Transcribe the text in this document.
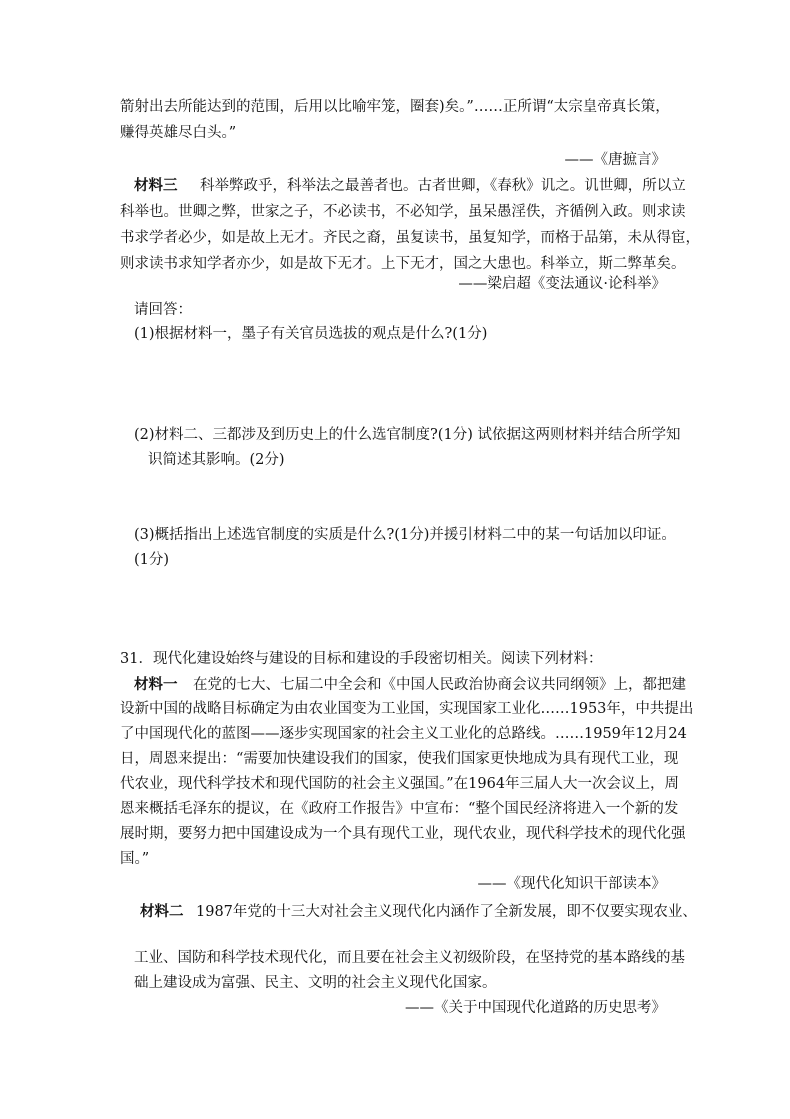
箭射出去所能达到的范围，后用以比喻牢笼，圈套)矣。”……正所谓“太宗皇帝真长策，
赚得英雄尽白头。”
——《唐摭言》
材料三 科举弊政乎，科举法之最善者也。古者世卿，《春秋》讥之。讥世卿，所以立
科举也。世卿之弊，世家之子，不必读书，不必知学，虽呆愚淫佚，齐循例入政。则求读
书求学者必少，如是故上无才。齐民之裔，虽复读书，虽复知学，而格于品第，未从得宦，
则求读书求知学者亦少，如是故下无才。上下无才，国之大患也。科举立，斯二弊革矣。
——梁启超《变法通议·论科举》
请回答：
(1)根据材料一，墨子有关官员选拔的观点是什么?(1分)
(2)材料二、三都涉及到历史上的什么选官制度?(1分) 试依据这两则材料并结合所学知
识简述其影响。(2分)
(3)概括指出上述选官制度的实质是什么?(1分)并援引材料二中的某一句话加以印证。
(1分)
31．现代化建设始终与建设的目标和建设的手段密切相关。阅读下列材料：
材料一 在党的七大、七届二中全会和《中国人民政治协商会议共同纲领》上，都把建
设新中国的战略目标确定为由农业国变为工业国，实现国家工业化……1953年，中共提出
了中国现代化的蓝图——逐步实现国家的社会主义工业化的总路线。……1959年12月24
日，周恩来提出：“需要加快建设我们的国家，使我们国家更快地成为具有现代工业，现
代农业，现代科学技术和现代国防的社会主义强国。”在1964年三届人大一次会议上，周
恩来概括毛泽东的提议，在《政府工作报告》中宣布：“整个国民经济将进入一个新的发
展时期，要努力把中国建设成为一个具有现代工业，现代农业，现代科学技术的现代化强
国。”
——《现代化知识干部读本》
材料二 1987年党的十三大对社会主义现代化内涵作了全新发展，即不仅要实现农业、
工业、国防和科学技术现代化，而且要在社会主义初级阶段，在坚持党的基本路线的基
础上建设成为富强、民主、文明的社会主义现代化国家。
——《关于中国现代化道路的历史思考》
